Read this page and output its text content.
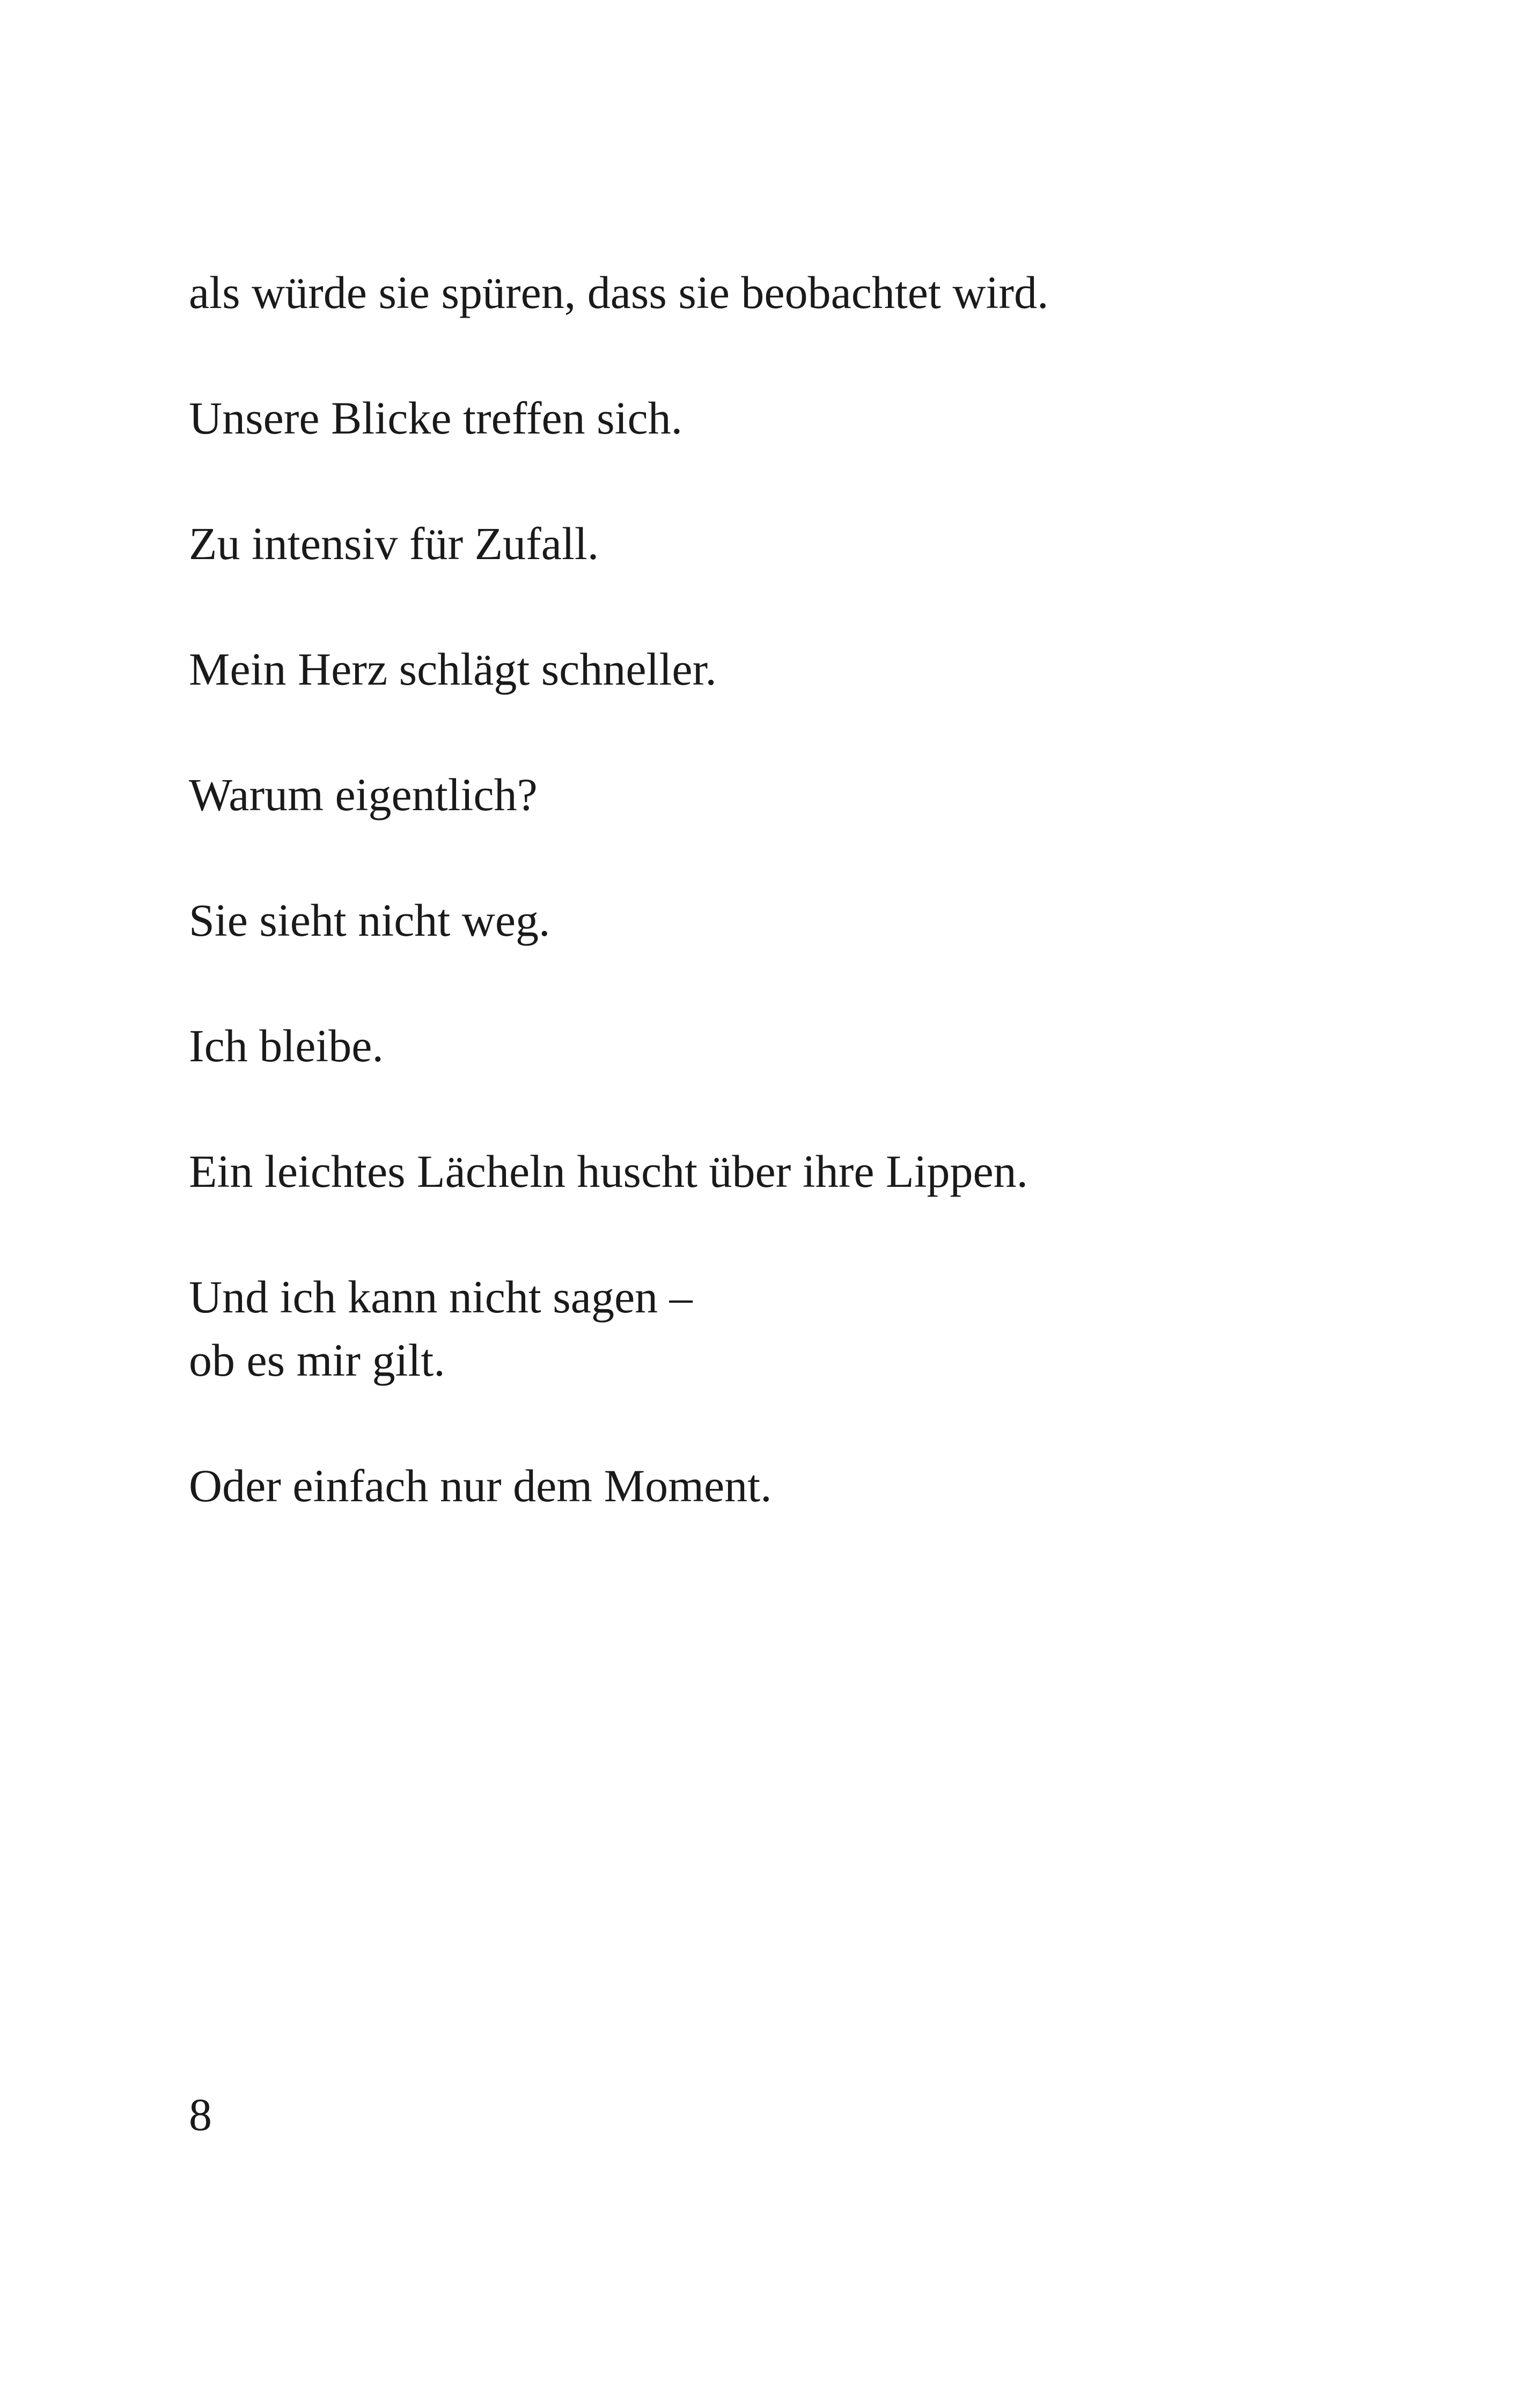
als würde sie spüren, dass sie beobachtet wird.

Unsere Blicke treffen sich.

Zu intensiv für Zufall.

Mein Herz schlägt schneller.

Warum eigentlich?

Sie sieht nicht weg.

Ich bleibe.

Ein leichtes Lächeln huscht über ihre Lippen.

Und ich kann nicht sagen –
ob es mir gilt.

Oder einfach nur dem Moment.

8
